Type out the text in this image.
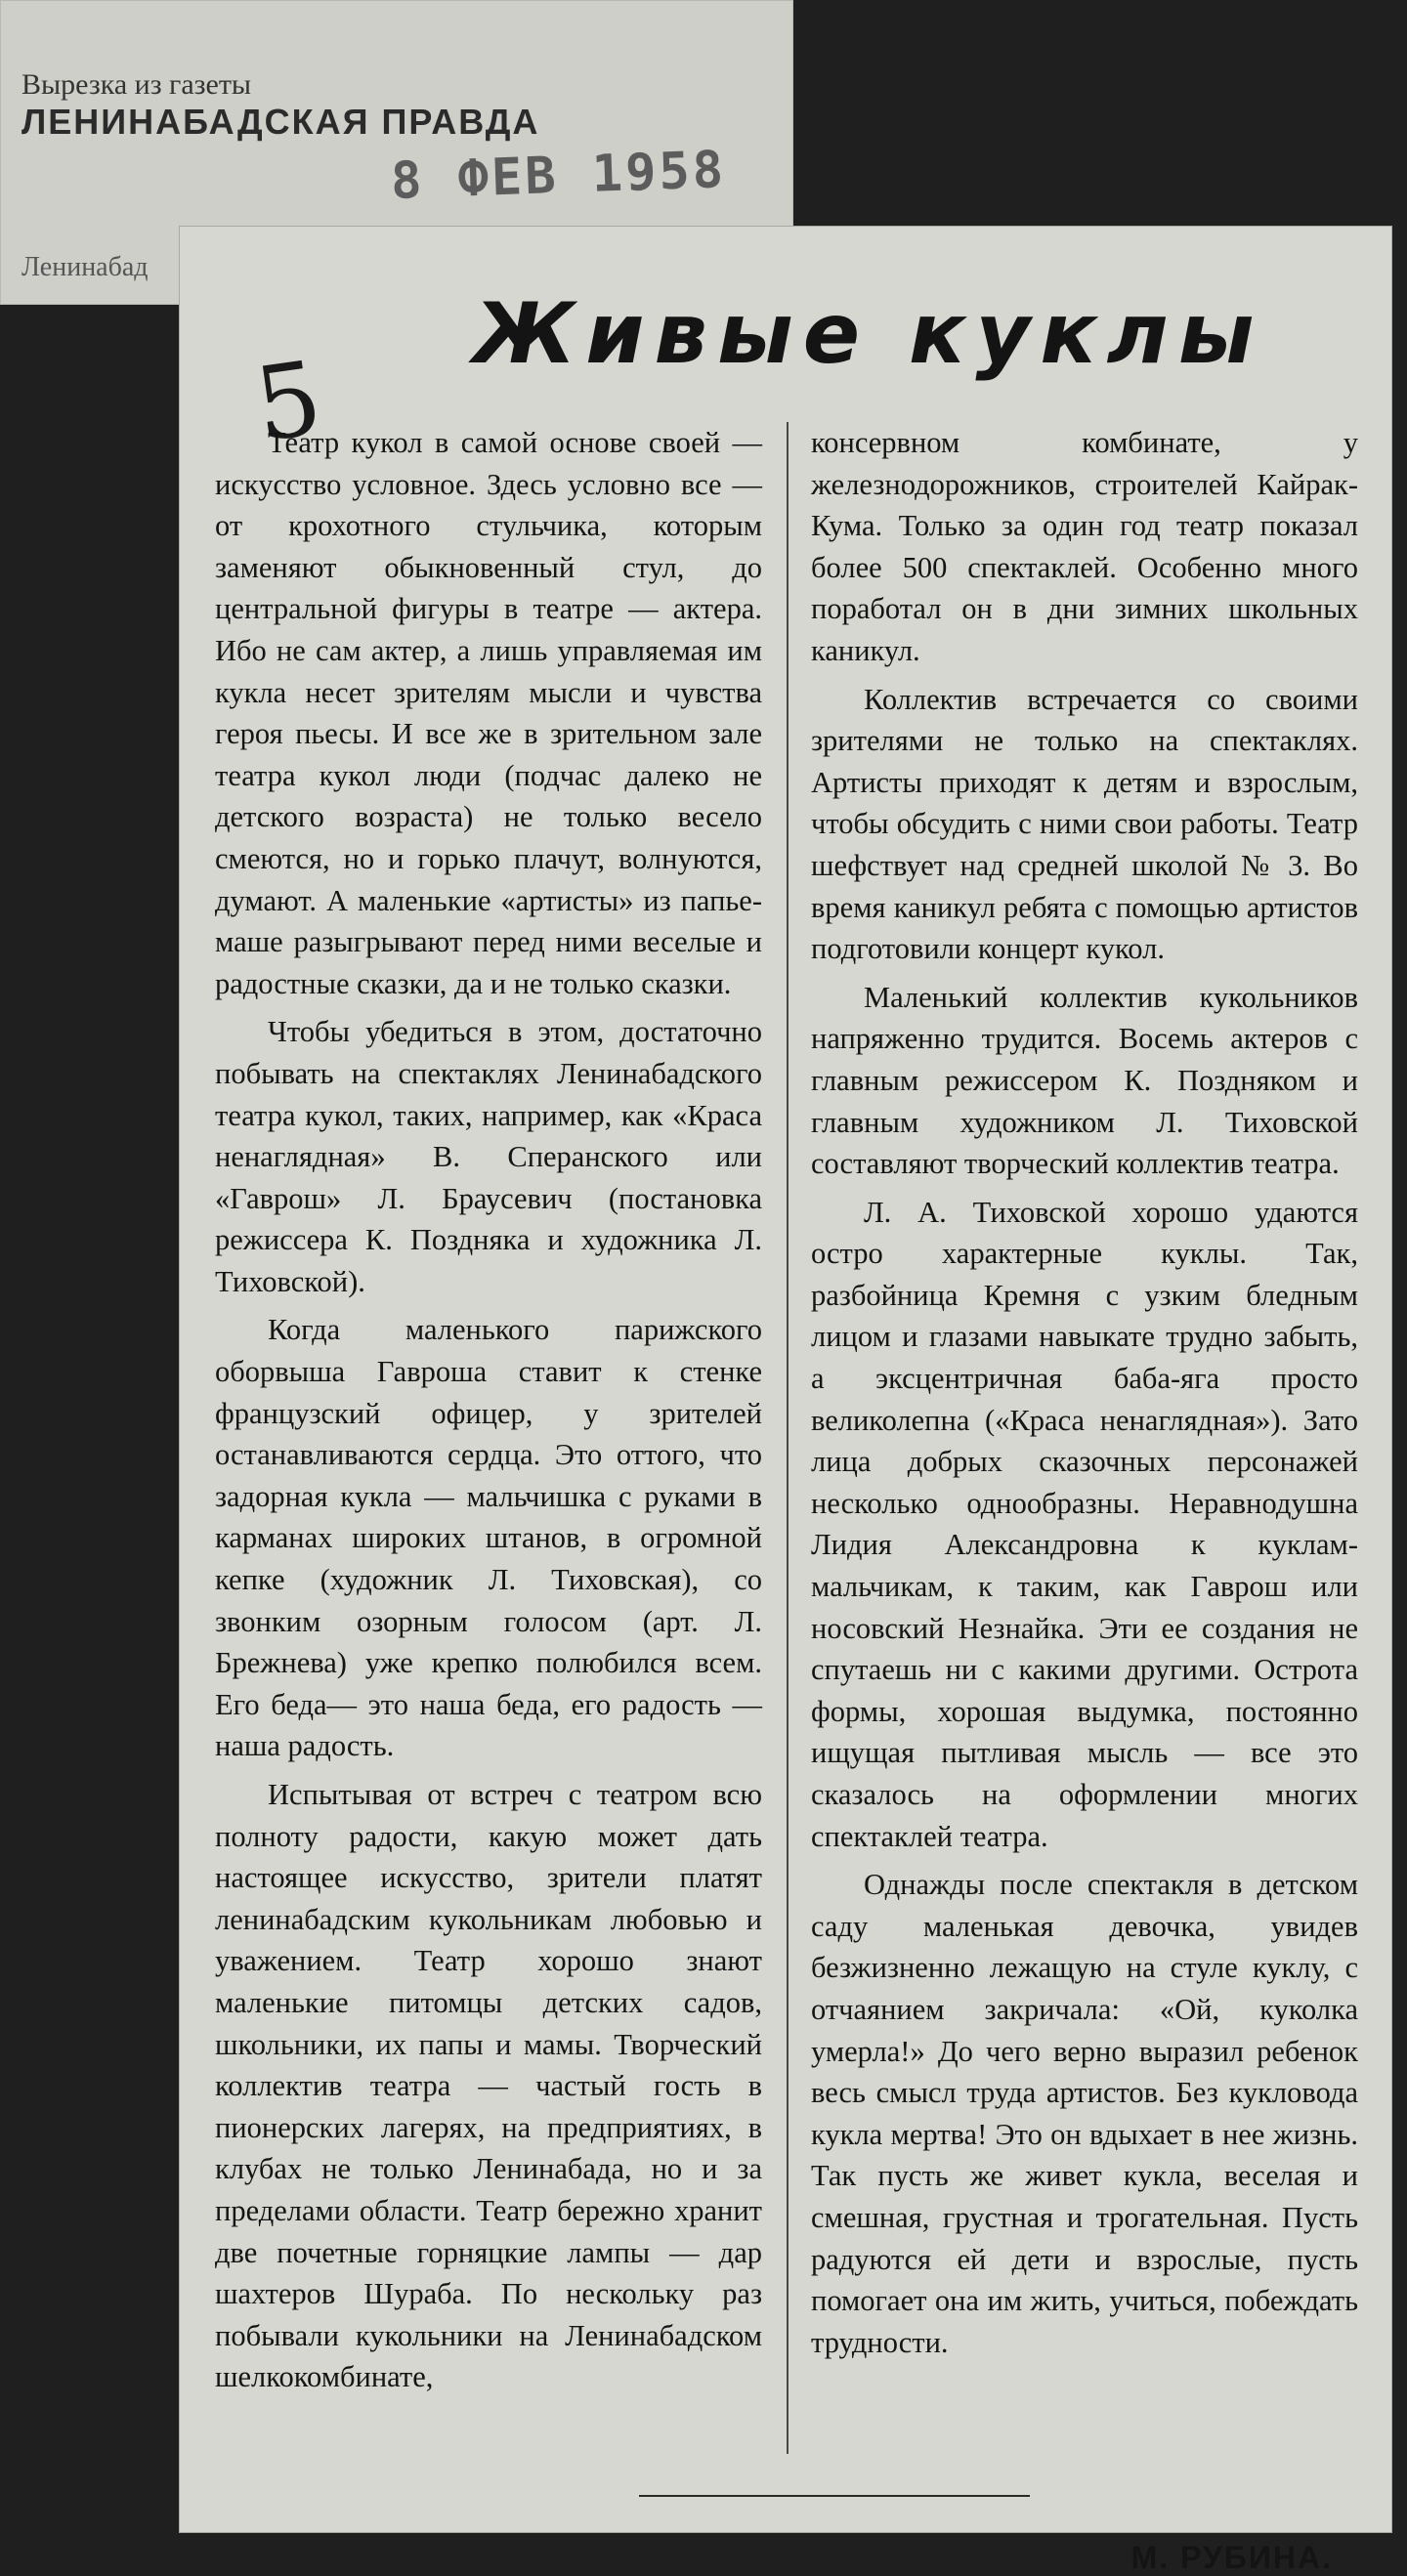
Вырезка из газеты
ЛЕНИНАБАДСКАЯ ПРАВДА
8 ФЕВ 1958
Ленинабад
5
Живые куклы

Театр кукол в самой основе своей —искусство условное. Здесь условно все — от крохотного стульчика, которым заменяют обыкновенный стул, до центральной фигуры в театре — актера. Ибо не сам актер, а лишь управляемая им кукла несет зрителям мысли и чувства героя пьесы. И все же в зрительном зале театра кукол люди (подчас далеко не детского возраста) не только весело смеются, но и горько плачут, волнуются, думают. А маленькие «артисты» из папье-маше разыгрывают перед ними веселые и радостные сказки, да и не только сказки.

Чтобы убедиться в этом, достаточно побывать на спектаклях Ленинабадского театра кукол, таких, например, как «Краса ненаглядная» В. Сперанского или «Гаврош» Л. Браусевич (постановка режиссера К. Поздняка и художника Л. Тиховской).

Когда маленького парижского оборвыша Гавроша ставит к стенке французский офицер, у зрителей останавливаются сердца. Это оттого, что задорная кукла — мальчишка с руками в карманах широких штанов, в огромной кепке (художник Л. Тиховская), со звонким озорным голосом (арт. Л. Брежнева) уже крепко полюбился всем. Его беда— это наша беда, его радость — наша радость.

Испытывая от встреч с театром всю полноту радости, какую может дать настоящее искусство, зрители платят ленинабадским кукольникам любовью и уважением. Театр хорошо знают маленькие питомцы детских садов, школьники, их папы и мамы. Творческий коллектив театра — частый гость в пионерских лагерях, на предприятиях, в клубах не только Ленинабада, но и за пределами области. Театр бережно хранит две почетные горняцкие лампы — дар шахтеров Шураба. По нескольку раз побывали кукольники на Ленинабадском шелкокомбинате,

консервном комбинате, у железнодорожников, строителей Кайрак-Кума. Только за один год театр показал более 500 спектаклей. Особенно много поработал он в дни зимних школьных каникул.

Коллектив встречается со своими зрителями не только на спектаклях. Артисты приходят к детям и взрослым, чтобы обсудить с ними свои работы. Театр шефствует над средней школой № 3. Во время каникул ребята с помощью артистов подготовили концерт кукол.

Маленький коллектив кукольников напряженно трудится. Восемь актеров с главным режиссером К. Поздняком и главным художником Л. Тиховской составляют творческий коллектив театра.

Л. А. Тиховской хорошо удаются остро характерные куклы. Так, разбойница Кремня с узким бледным лицом и глазами навыкате трудно забыть, а эксцентричная баба-яга просто великолепна («Краса ненаглядная»). Зато лица добрых сказочных персонажей несколько однообразны. Неравнодушна Лидия Александровна к куклам-мальчикам, к таким, как Гаврош или носовский Незнайка. Эти ее создания не спутаешь ни с какими другими. Острота формы, хорошая выдумка, постоянно ищущая пытливая мысль — все это сказалось на оформлении многих спектаклей театра.

Однажды после спектакля в детском саду маленькая девочка, увидев безжизненно лежащую на стуле куклу, с отчаянием закричала: «Ой, куколка умерла!» До чего верно выразил ребенок весь смысл труда артистов. Без кукловода кукла мертва! Это он вдыхает в нее жизнь. Так пусть же живет кукла, веселая и смешная, грустная и трогательная. Пусть радуются ей дети и взрослые, пусть помогает она им жить, учиться, побеждать трудности.

М. РУБИНА.
